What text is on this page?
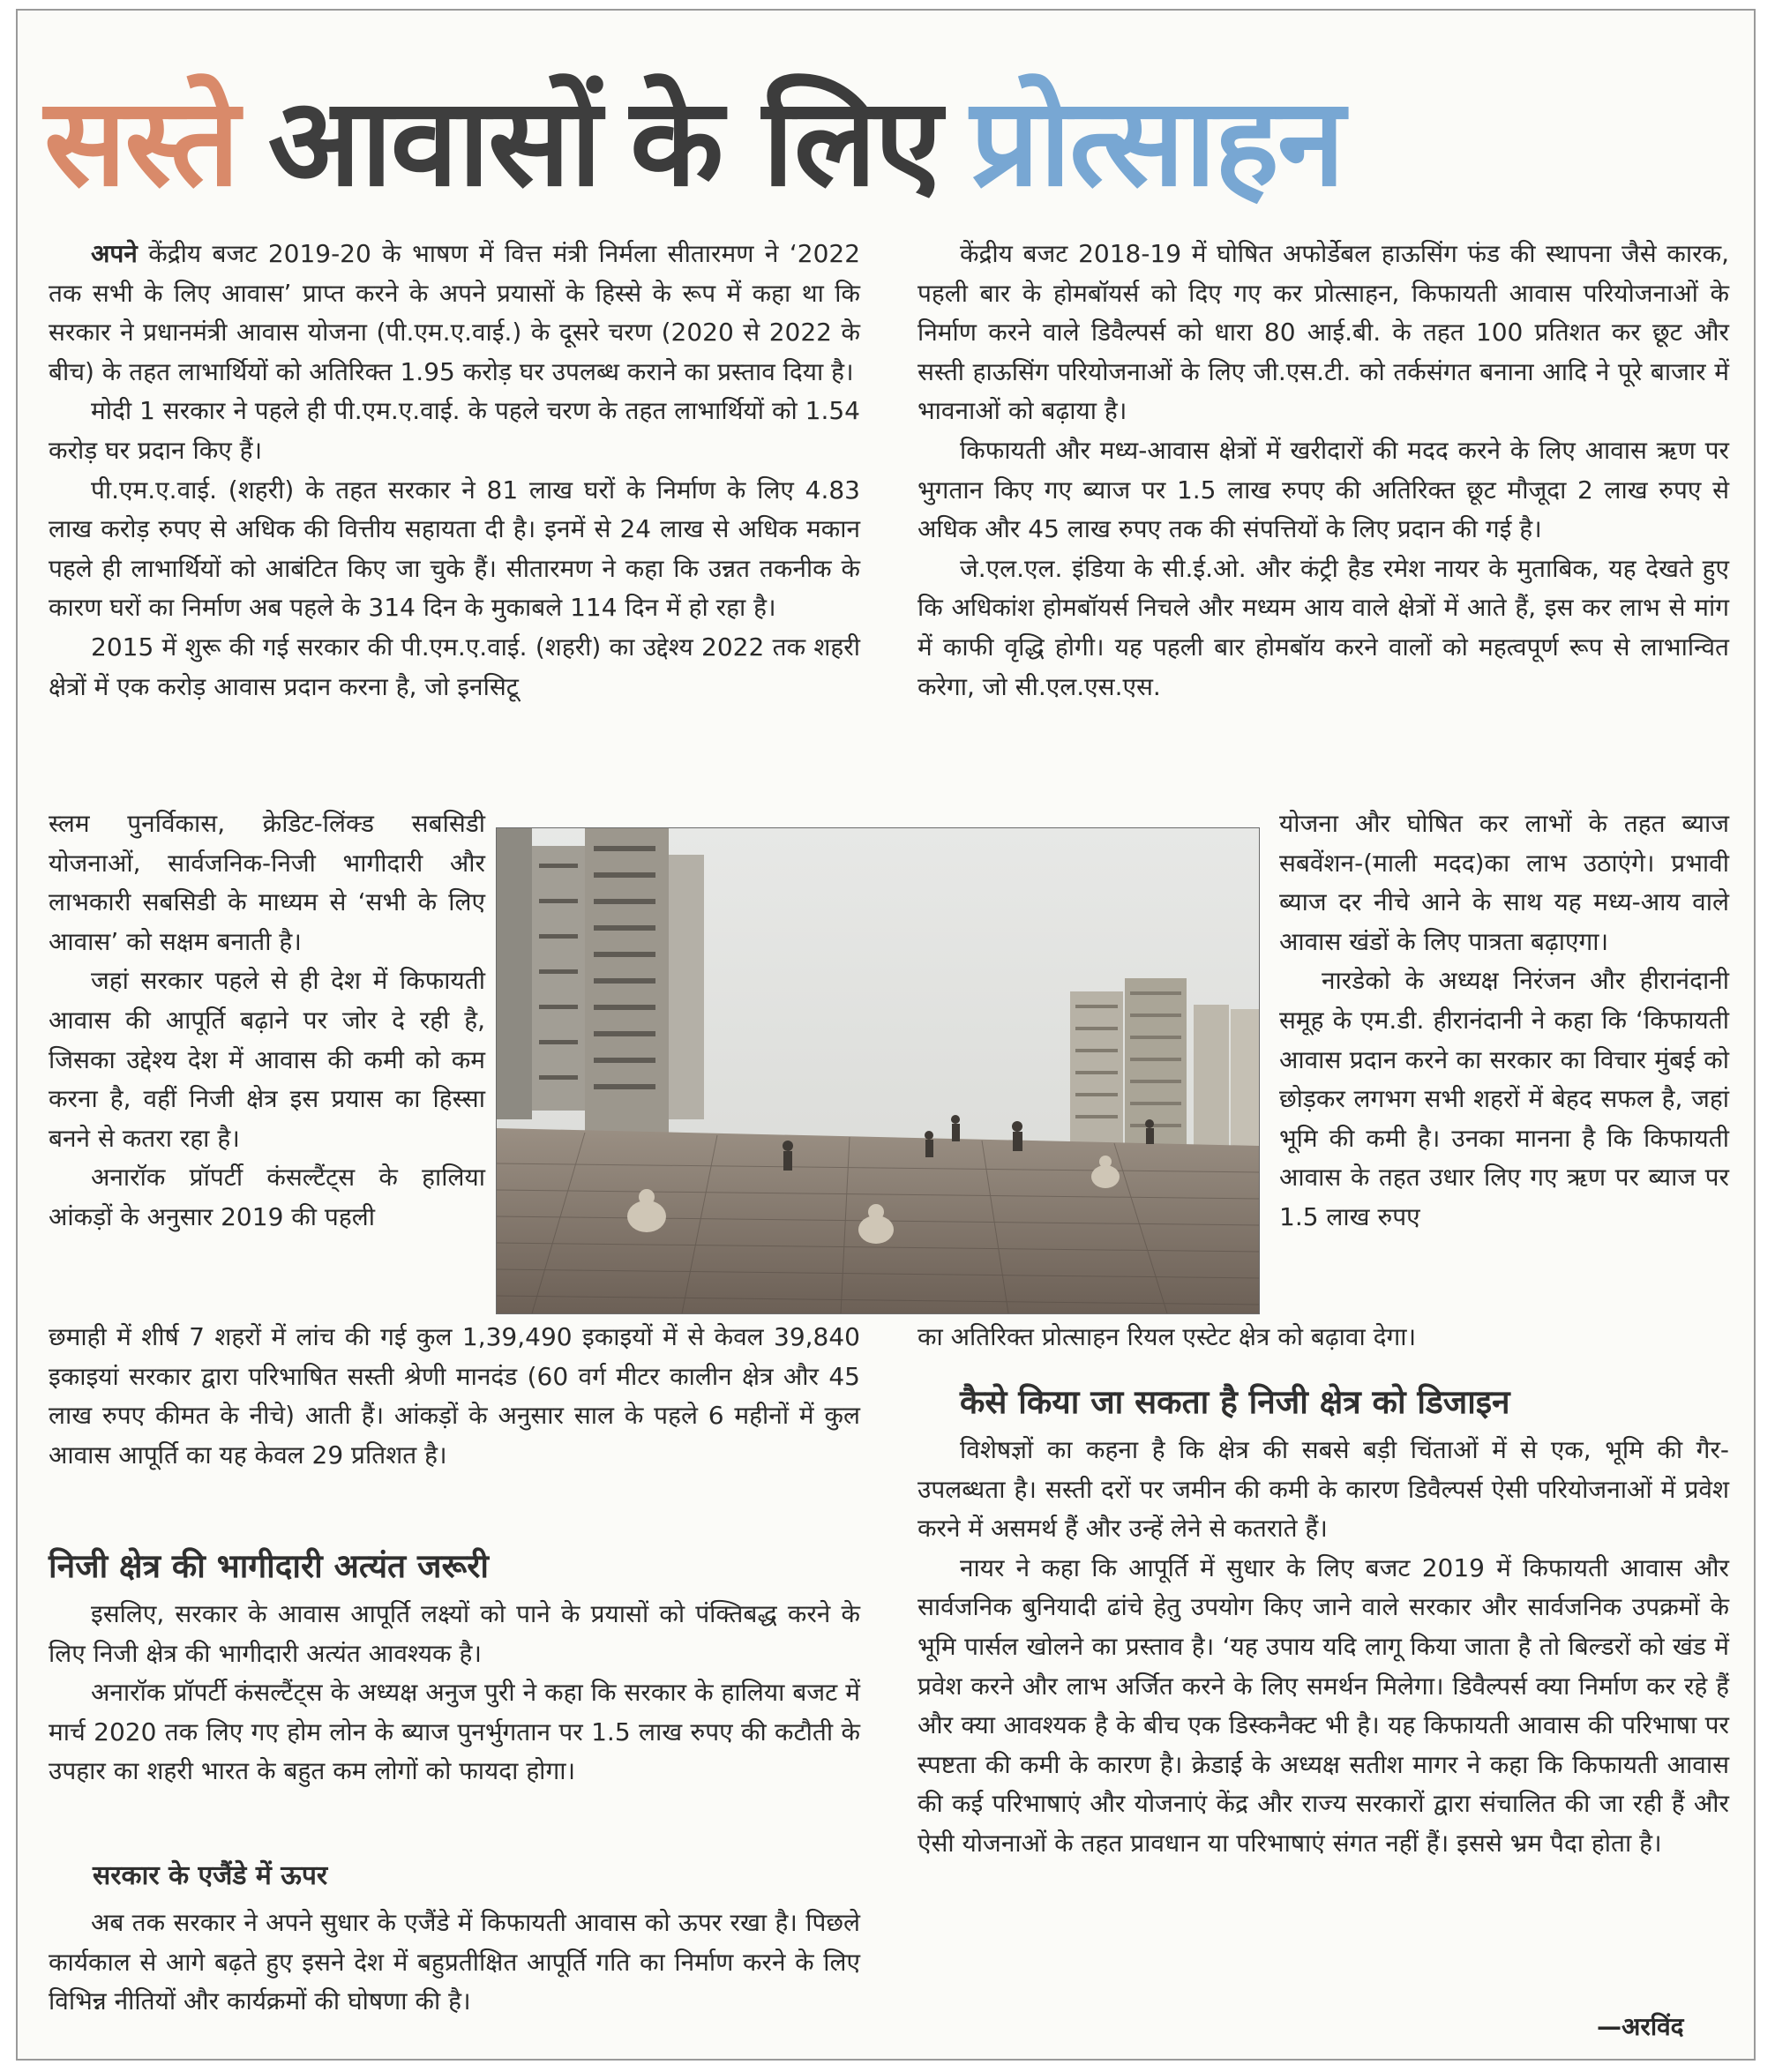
सस्ते आवासों के लिए प्रोत्साहन

अपने केंद्रीय बजट 2019-20 के भाषण में वित्त मंत्री निर्मला सीतारमण ने ‘2022 तक सभी के लिए आवास’ प्राप्त करने के अपने प्रयासों के हिस्से के रूप में कहा था कि सरकार ने प्रधानमंत्री आवास योजना (पी.एम.ए.वाई.) के दूसरे चरण (2020 से 2022 के बीच) के तहत लाभार्थियों को अतिरिक्त 1.95 करोड़ घर उपलब्ध कराने का प्रस्ताव दिया है।

मोदी 1 सरकार ने पहले ही पी.एम.ए.वाई. के पहले चरण के तहत लाभार्थियों को 1.54 करोड़ घर प्रदान किए हैं।

पी.एम.ए.वाई. (शहरी) के तहत सरकार ने 81 लाख घरों के निर्माण के लिए 4.83 लाख करोड़ रुपए से अधिक की वित्तीय सहायता दी है। इनमें से 24 लाख से अधिक मकान पहले ही लाभार्थियों को आबंटित किए जा चुके हैं। सीतारमण ने कहा कि उन्नत तकनीक के कारण घरों का निर्माण अब पहले के 314 दिन के मुकाबले 114 दिन में हो रहा है।

2015 में शुरू की गई सरकार की पी.एम.ए.वाई. (शहरी) का उद्देश्य 2022 तक शहरी क्षेत्रों में एक करोड़ आवास प्रदान करना है, जो इनसिटू

स्लम पुनर्विकास, क्रेडिट-लिंक्ड सबसिडी योजनाओं, सार्वजनिक-निजी भागीदारी और लाभकारी सबसिडी के माध्यम से ‘सभी के लिए आवास’ को सक्षम बनाती है।

जहां सरकार पहले से ही देश में किफायती आवास की आपूर्ति बढ़ाने पर जोर दे रही है, जिसका उद्देश्य देश में आवास की कमी को कम करना है, वहीं निजी क्षेत्र इस प्रयास का हिस्सा बनने से कतरा रहा है।

अनारॉक प्रॉपर्टी कंसल्टैंट्स के हालिया आंकड़ों के अनुसार 2019 की पहली

छमाही में शीर्ष 7 शहरों में लांच की गई कुल 1,39,490 इकाइयों में से केवल 39,840 इकाइयां सरकार द्वारा परिभाषित सस्ती श्रेणी मानदंड (60 वर्ग मीटर कालीन क्षेत्र और 45 लाख रुपए कीमत के नीचे) आती हैं। आंकड़ों के अनुसार साल के पहले 6 महीनों में कुल आवास आपूर्ति का यह केवल 29 प्रतिशत है।

निजी क्षेत्र की भागीदारी अत्यंत जरूरी

इसलिए, सरकार के आवास आपूर्ति लक्ष्यों को पाने के प्रयासों को पंक्तिबद्ध करने के लिए निजी क्षेत्र की भागीदारी अत्यंत आवश्यक है।

अनारॉक प्रॉपर्टी कंसल्टैंट्स के अध्यक्ष अनुज पुरी ने कहा कि सरकार के हालिया बजट में मार्च 2020 तक लिए गए होम लोन के ब्याज पुनर्भुगतान पर 1.5 लाख रुपए की कटौती के उपहार का शहरी भारत के बहुत कम लोगों को फायदा होगा।

सरकार के एजैंडे में ऊपर

अब तक सरकार ने अपने सुधार के एजैंडे में किफायती आवास को ऊपर रखा है। पिछले कार्यकाल से आगे बढ़ते हुए इसने देश में बहुप्रतीक्षित आपूर्ति गति का निर्माण करने के लिए विभिन्न नीतियों और कार्यक्रमों की घोषणा की है।

केंद्रीय बजट 2018-19 में घोषित अफोर्डेबल हाऊसिंग फंड की स्थापना जैसे कारक, पहली बार के होमबॉयर्स को दिए गए कर प्रोत्साहन, किफायती आवास परियोजनाओं के निर्माण करने वाले डिवैल्पर्स को धारा 80 आई.बी. के तहत 100 प्रतिशत कर छूट और सस्ती हाऊसिंग परियोजनाओं के लिए जी.एस.टी. को तर्कसंगत बनाना आदि ने पूरे बाजार में भावनाओं को बढ़ाया है।

किफायती और मध्य-आवास क्षेत्रों में खरीदारों की मदद करने के लिए आवास ऋण पर भुगतान किए गए ब्याज पर 1.5 लाख रुपए की अतिरिक्त छूट मौजूदा 2 लाख रुपए से अधिक और 45 लाख रुपए तक की संपत्तियों के लिए प्रदान की गई है।

जे.एल.एल. इंडिया के सी.ई.ओ. और कंट्री हैड रमेश नायर के मुताबिक, यह देखते हुए कि अधिकांश होमबॉयर्स निचले और मध्यम आय वाले क्षेत्रों में आते हैं, इस कर लाभ से मांग में काफी वृद्धि होगी। यह पहली बार होमबॉय करने वालों को महत्वपूर्ण रूप से लाभान्वित करेगा, जो सी.एल.एस.एस.

योजना और घोषित कर लाभों के तहत ब्याज सबवेंशन-(माली मदद)का लाभ उठाएंगे। प्रभावी ब्याज दर नीचे आने के साथ यह मध्य-आय वाले आवास खंडों के लिए पात्रता बढ़ाएगा।

नारडेको के अध्यक्ष निरंजन और हीरानंदानी समूह के एम.डी. हीरानंदानी ने कहा कि ‘किफायती आवास प्रदान करने का सरकार का विचार मुंबई को छोड़कर लगभग सभी शहरों में बेहद सफल है, जहां भूमि की कमी है। उनका मानना है कि किफायती आवास के तहत उधार लिए गए ऋण पर ब्याज पर 1.5 लाख रुपए

का अतिरिक्त प्रोत्साहन रियल एस्टेट क्षेत्र को बढ़ावा देगा।

कैसे किया जा सकता है निजी क्षेत्र को डिजाइन

विशेषज्ञों का कहना है कि क्षेत्र की सबसे बड़ी चिंताओं में से एक, भूमि की गैर-उपलब्धता है। सस्ती दरों पर जमीन की कमी के कारण डिवैल्पर्स ऐसी परियोजनाओं में प्रवेश करने में असमर्थ हैं और उन्हें लेने से कतराते हैं।

नायर ने कहा कि आपूर्ति में सुधार के लिए बजट 2019 में किफायती आवास और सार्वजनिक बुनियादी ढांचे हेतु उपयोग किए जाने वाले सरकार और सार्वजनिक उपक्रमों के भूमि पार्सल खोलने का प्रस्ताव है। ‘यह उपाय यदि लागू किया जाता है तो बिल्डरों को खंड में प्रवेश करने और लाभ अर्जित करने के लिए समर्थन मिलेगा। डिवैल्पर्स क्या निर्माण कर रहे हैं और क्या आवश्यक है के बीच एक डिस्कनैक्ट भी है। यह किफायती आवास की परिभाषा पर स्पष्टता की कमी के कारण है। क्रेडाई के अध्यक्ष सतीश मागर ने कहा कि किफायती आवास की कई परिभाषाएं और योजनाएं केंद्र और राज्य सरकारों द्वारा संचालित की जा रही हैं और ऐसी योजनाओं के तहत प्रावधान या परिभाषाएं संगत नहीं हैं। इससे भ्रम पैदा होता है।

—अरविंद
